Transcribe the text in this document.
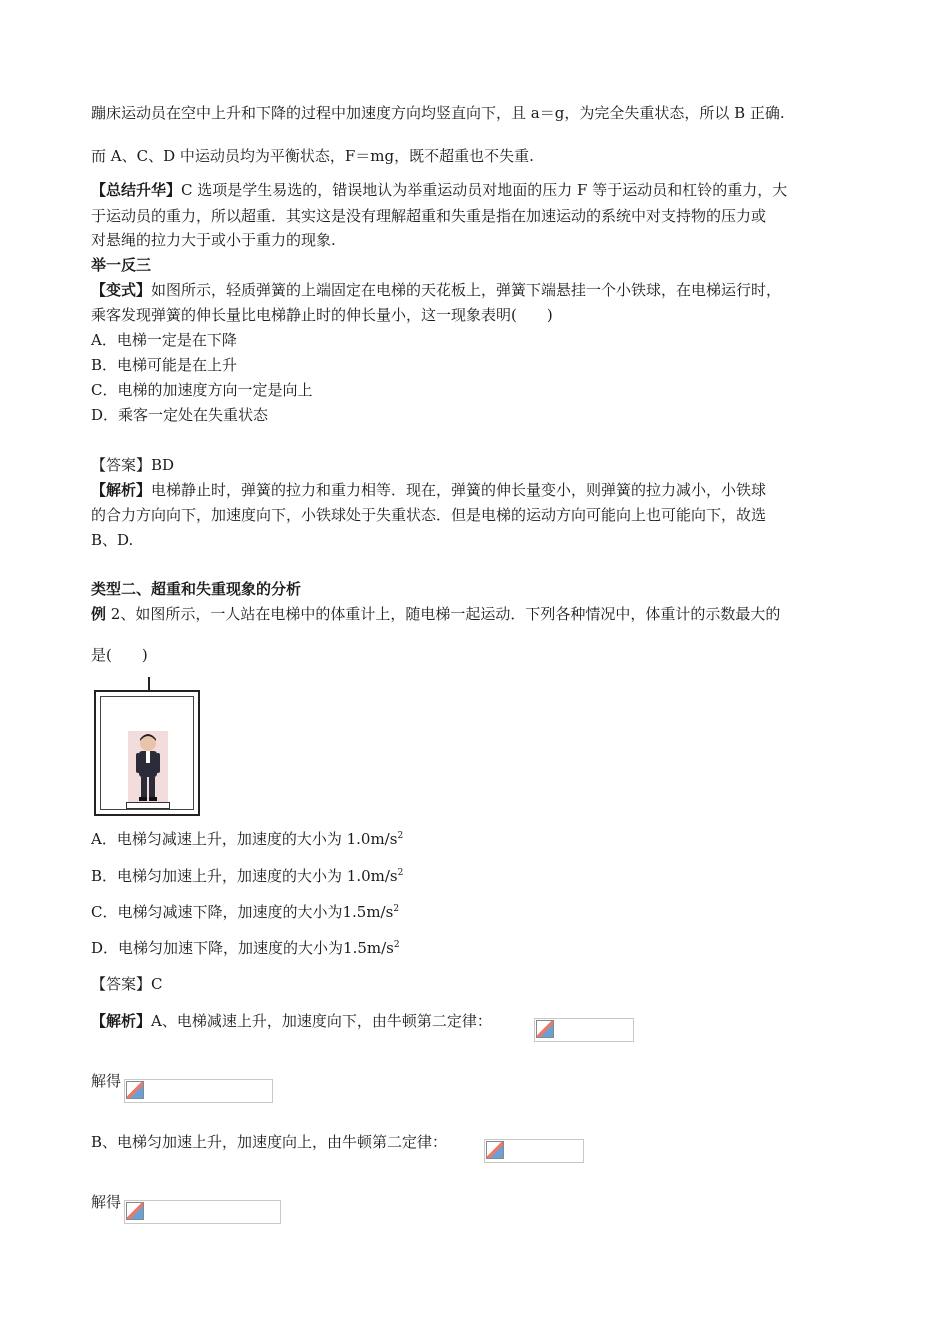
蹦床运动员在空中上升和下降的过程中加速度方向均竖直向下，且 a＝g，为完全失重状态，所以 B 正确.
而 A、C、D 中运动员均为平衡状态，F＝mg，既不超重也不失重.
【总结升华】C 选项是学生易选的，错误地认为举重运动员对地面的压力 F 等于运动员和杠铃的重力，大
于运动员的重力，所以超重．其实这是没有理解超重和失重是指在加速运动的系统中对支持物的压力或
对悬绳的拉力大于或小于重力的现象.
举一反三
【变式】如图所示，轻质弹簧的上端固定在电梯的天花板上，弹簧下端悬挂一个小铁球，在电梯运行时，
乘客发现弹簧的伸长量比电梯静止时的伸长量小，这一现象表明(　　)
A．电梯一定是在下降
B．电梯可能是在上升
C．电梯的加速度方向一定是向上
D．乘客一定处在失重状态
【答案】BD
【解析】电梯静止时，弹簧的拉力和重力相等．现在，弹簧的伸长量变小，则弹簧的拉力减小，小铁球
的合力方向向下，加速度向下，小铁球处于失重状态．但是电梯的运动方向可能向上也可能向下，故选
B、D.
类型二、超重和失重现象的分析
例 2、如图所示，一人站在电梯中的体重计上，随电梯一起运动．下列各种情况中，体重计的示数最大的
是(　　)
A．电梯匀减速上升，加速度的大小为 $1.0m/s^2$
B．电梯匀加速上升，加速度的大小为 $1.0m/s^2$
C．电梯匀减速下降，加速度的大小为$1.5m/s^2$
D．电梯匀加速下降，加速度的大小为$1.5m/s^2$
【答案】C
【解析】A、电梯减速上升，加速度向下，由牛顿第二定律：
解得
B、电梯匀加速上升，加速度向上，由牛顿第二定律：
解得
